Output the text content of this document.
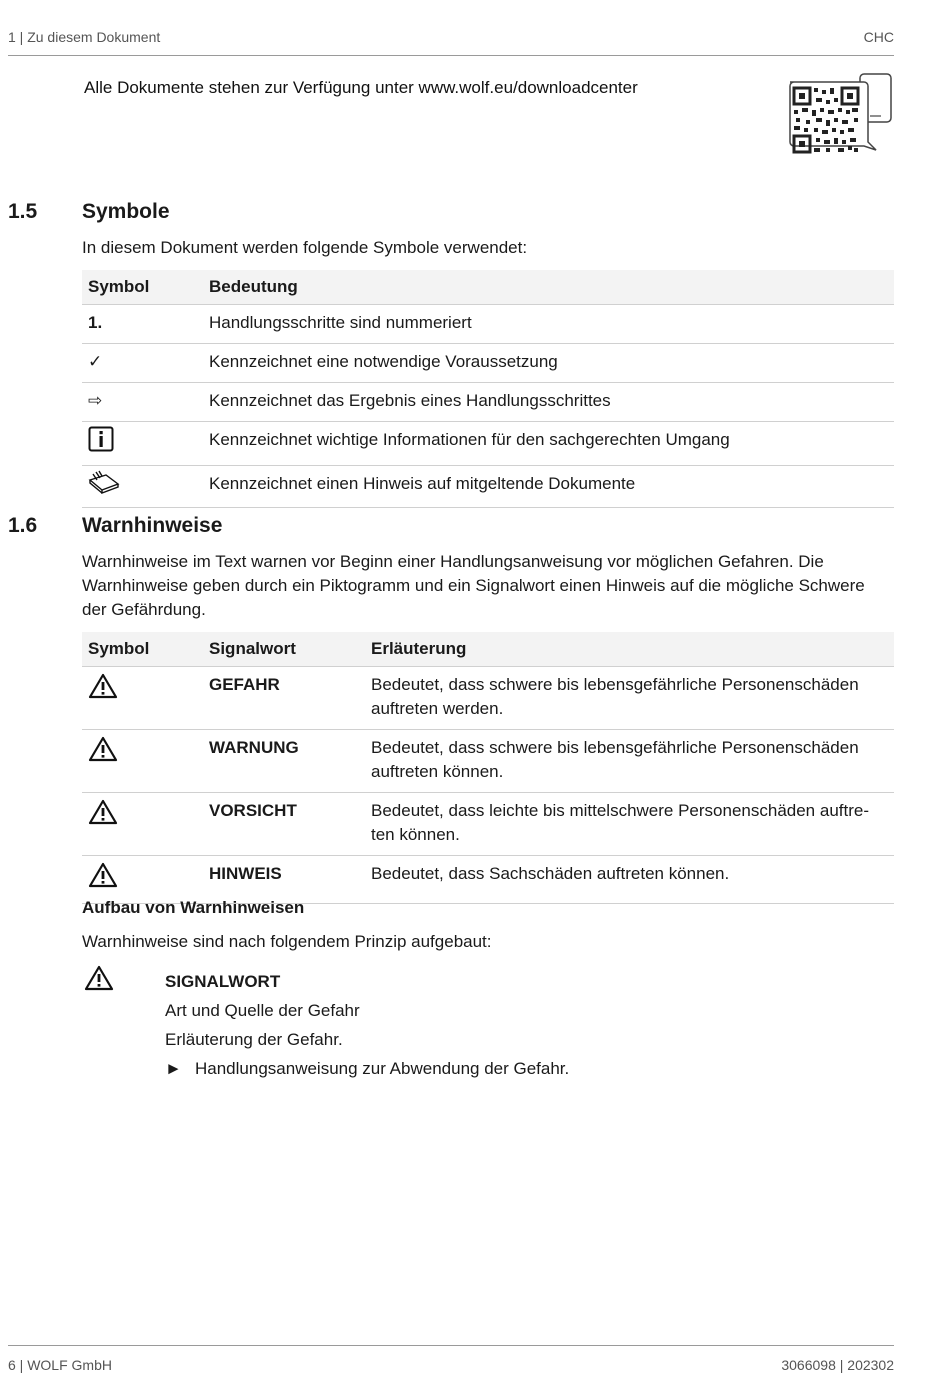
1 | Zu diesem Dokument	CHC
Alle Dokumente stehen zur Verfügung unter www.wolf.eu/downloadcenter
1.5 Symbole
In diesem Dokument werden folgende Symbole verwendet:
Symbol	Bedeutung
1.	Handlungsschritte sind nummeriert
✓	Kennzeichnet eine notwendige Voraussetzung
⇨	Kennzeichnet das Ergebnis eines Handlungsschrittes
	Kennzeichnet wichtige Informationen für den sachgerechten Umgang
	Kennzeichnet einen Hinweis auf mitgeltende Dokumente
1.6 Warnhinweise
Warnhinweise im Text warnen vor Beginn einer Handlungsanweisung vor möglichen Gefahren. Die Warnhinweise geben durch ein Piktogramm und ein Signalwort einen Hinweis auf die mögliche Schwere der Gefährdung.
Symbol	Signalwort	Erläuterung
	GEFAHR	Bedeutet, dass schwere bis lebensgefährliche Personenschäden auftreten werden.
	WARNUNG	Bedeutet, dass schwere bis lebensgefährliche Personenschäden auftreten können.
	VORSICHT	Bedeutet, dass leichte bis mittelschwere Personenschäden auftre-ten können.
	HINWEIS	Bedeutet, dass Sachschäden auftreten können.
Aufbau von Warnhinweisen
Warnhinweise sind nach folgendem Prinzip aufgebaut:
SIGNALWORT
Art und Quelle der Gefahr
Erläuterung der Gefahr.
► Handlungsanweisung zur Abwendung der Gefahr.
6 | WOLF GmbH	3066098 | 202302
